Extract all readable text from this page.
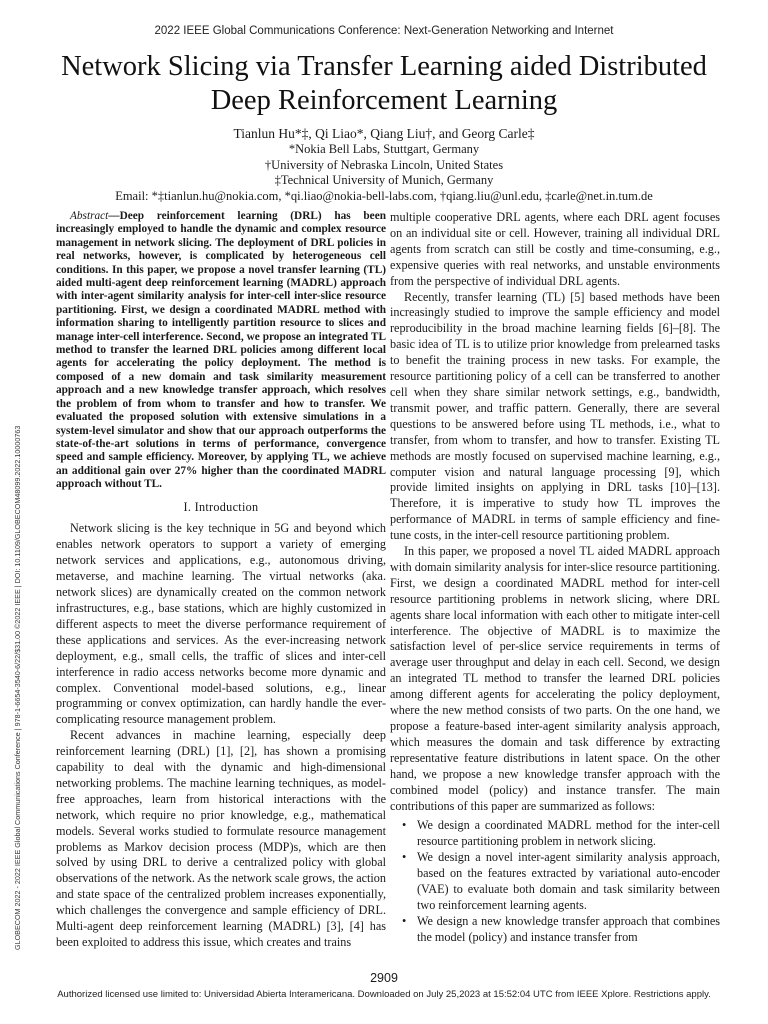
2022 IEEE Global Communications Conference: Next-Generation Networking and Internet
Network Slicing via Transfer Learning aided Distributed Deep Reinforcement Learning
Tianlun Hu*‡, Qi Liao*, Qiang Liu†, and Georg Carle‡
*Nokia Bell Labs, Stuttgart, Germany
†University of Nebraska Lincoln, United States
‡Technical University of Munich, Germany
Email: *‡tianlun.hu@nokia.com, *qi.liao@nokia-bell-labs.com, †qiang.liu@unl.edu, ‡carle@net.in.tum.de
GLOBECOM 2022 - 2022 IEEE Global Communications Conference | 978-1-6654-3540-6/22/$31.00 ©2022 IEEE | DOI: 10.1109/GLOBECOM48099.2022.10000763

Abstract—Deep reinforcement learning (DRL) has been increasingly employed to handle the dynamic and complex resource management in network slicing. The deployment of DRL policies in real networks, however, is complicated by heterogeneous cell conditions. In this paper, we propose a novel transfer learning (TL) aided multi-agent deep reinforcement learning (MADRL) approach with inter-agent similarity analysis for inter-cell inter-slice resource partitioning. First, we design a coordinated MADRL method with information sharing to intelligently partition resource to slices and manage inter-cell interference. Second, we propose an integrated TL method to transfer the learned DRL policies among different local agents for accelerating the policy deployment. The method is composed of a new domain and task similarity measurement approach and a new knowledge transfer approach, which resolves the problem of from whom to transfer and how to transfer. We evaluated the proposed solution with extensive simulations in a system-level simulator and show that our approach outperforms the state-of-the-art solutions in terms of performance, convergence speed and sample efficiency. Moreover, by applying TL, we achieve an additional gain over 27% higher than the coordinated MADRL approach without TL.

I. Introduction

Network slicing is the key technique in 5G and beyond which enables network operators to support a variety of emerging network services and applications, e.g., autonomous driving, metaverse, and machine learning. The virtual networks (aka. network slices) are dynamically created on the common network infrastructures, e.g., base stations, which are highly customized in different aspects to meet the diverse performance requirement of these applications and services. As the ever-increasing network deployment, e.g., small cells, the traffic of slices and inter-cell interference in radio access networks become more dynamic and complex. Conventional model-based solutions, e.g., linear programming or convex optimization, can hardly handle the ever-complicating resource management problem.

Recent advances in machine learning, especially deep reinforcement learning (DRL) [1], [2], has shown a promising capability to deal with the dynamic and high-dimensional networking problems. The machine learning techniques, as model-free approaches, learn from historical interactions with the network, which require no prior knowledge, e.g., mathematical models. Several works studied to formulate resource management problems as Markov decision process (MDP)s, which are then solved by using DRL to derive a centralized policy with global observations of the network. As the network scale grows, the action and state space of the centralized problem increases exponentially, which challenges the convergence and sample efficiency of DRL. Multi-agent deep reinforcement learning (MADRL) [3], [4] has been exploited to address this issue, which creates and trains

multiple cooperative DRL agents, where each DRL agent focuses on an individual site or cell. However, training all individual DRL agents from scratch can still be costly and time-consuming, e.g., expensive queries with real networks, and unstable environments from the perspective of individual DRL agents.

Recently, transfer learning (TL) [5] based methods have been increasingly studied to improve the sample efficiency and model reproducibility in the broad machine learning fields [6]–[8]. The basic idea of TL is to utilize prior knowledge from prelearned tasks to benefit the training process in new tasks. For example, the resource partitioning policy of a cell can be transferred to another cell when they share similar network settings, e.g., bandwidth, transmit power, and traffic pattern. Generally, there are several questions to be answered before using TL methods, i.e., what to transfer, from whom to transfer, and how to transfer. Existing TL methods are mostly focused on supervised machine learning, e.g., computer vision and natural language processing [9], which provide limited insights on applying in DRL tasks [10]–[13]. Therefore, it is imperative to study how TL improves the performance of MADRL in terms of sample efficiency and fine-tune costs, in the inter-cell resource partitioning problem.

In this paper, we proposed a novel TL aided MADRL approach with domain similarity analysis for inter-slice resource partitioning. First, we design a coordinated MADRL method for inter-cell resource partitioning problems in network slicing, where DRL agents share local information with each other to mitigate inter-cell interference. The objective of MADRL is to maximize the satisfaction level of per-slice service requirements in terms of average user throughput and delay in each cell. Second, we design an integrated TL method to transfer the learned DRL policies among different agents for accelerating the policy deployment, where the new method consists of two parts. On the one hand, we propose a feature-based inter-agent similarity analysis approach, which measures the domain and task difference by extracting representative feature distributions in latent space. On the other hand, we propose a new knowledge transfer approach with the combined model (policy) and instance transfer. The main contributions of this paper are summarized as follows:

• We design a coordinated MADRL method for the inter-cell resource partitioning problem in network slicing.
• We design a novel inter-agent similarity analysis approach, based on the features extracted by variational auto-encoder (VAE) to evaluate both domain and task similarity between two reinforcement learning agents.
• We design a new knowledge transfer approach that combines the model (policy) and instance transfer from
2909
Authorized licensed use limited to: Universidad Abierta Interamericana. Downloaded on July 25,2023 at 15:52:04 UTC from IEEE Xplore. Restrictions apply.
